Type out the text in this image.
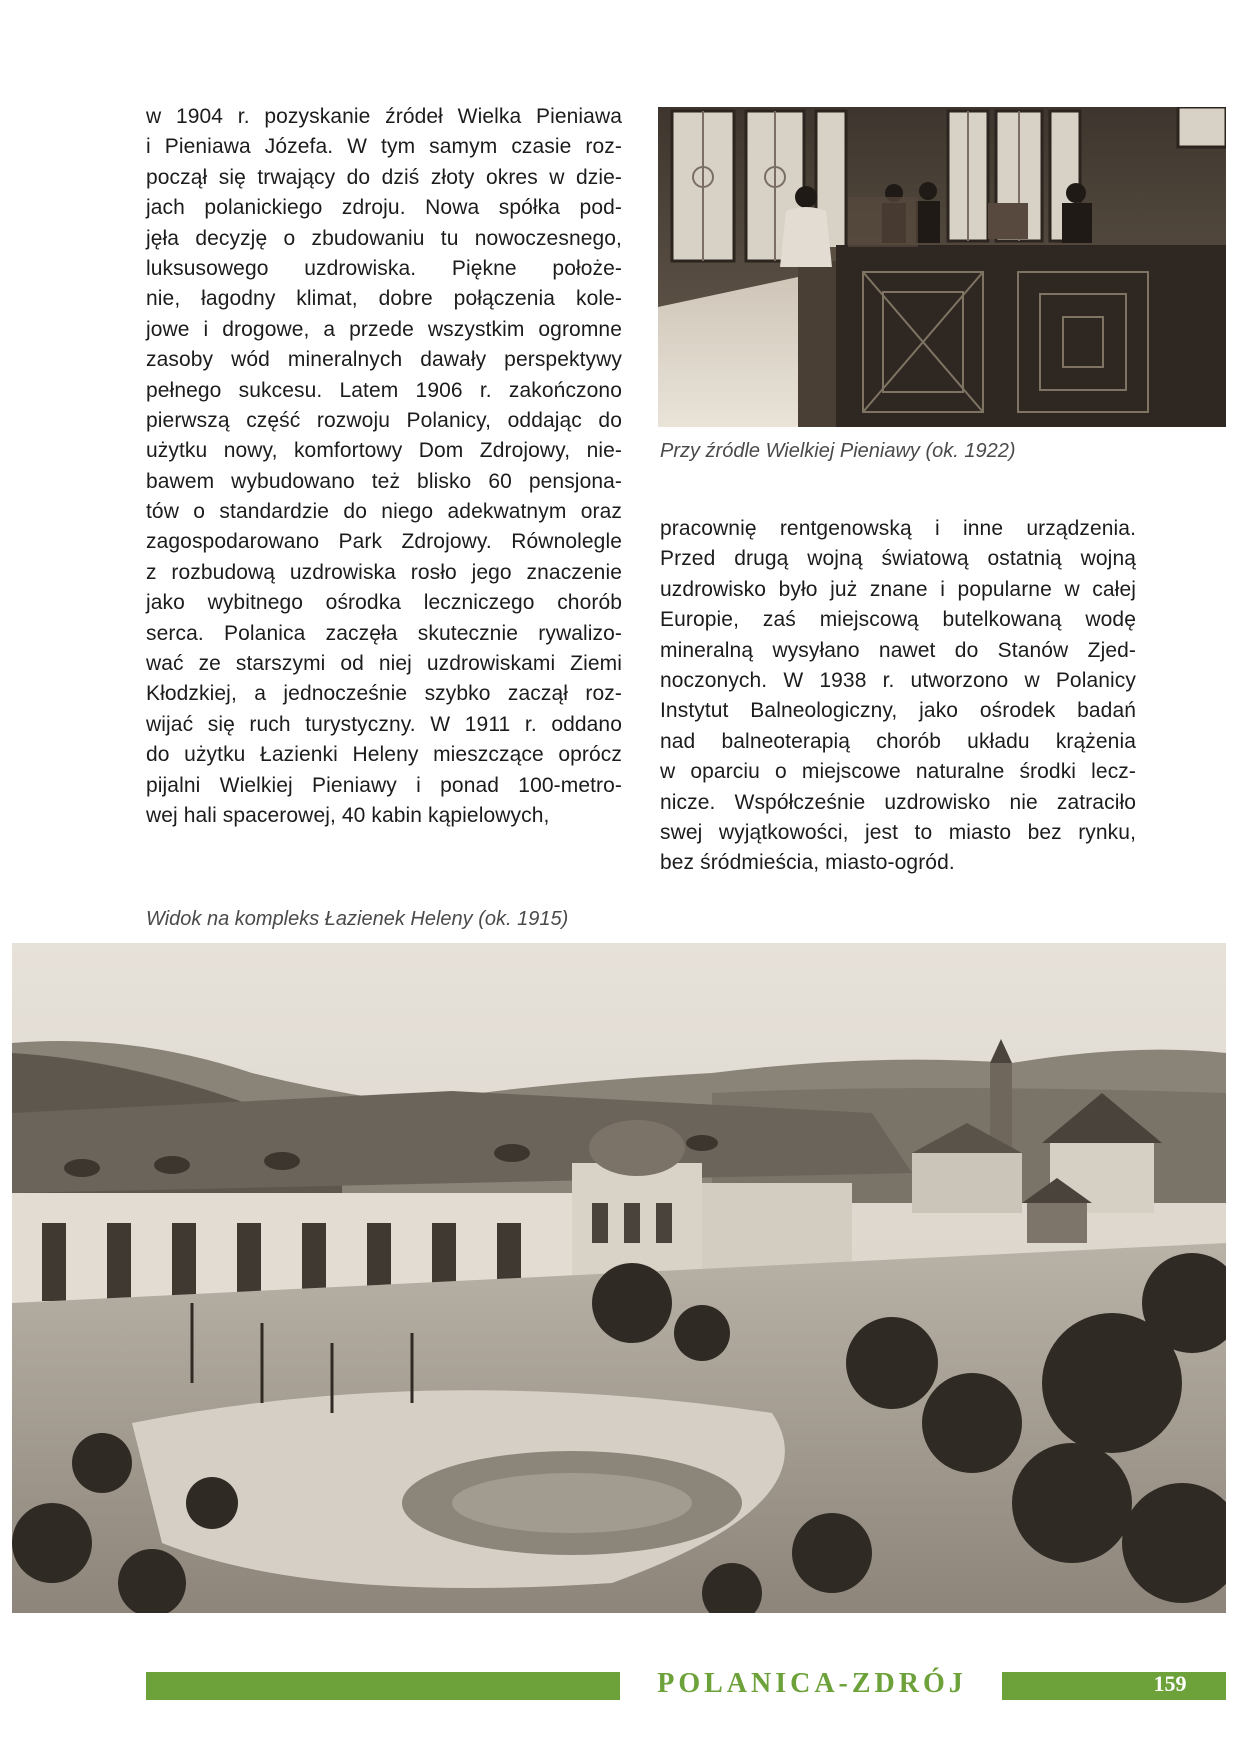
w 1904 r. pozyskanie źródeł Wielka Pieniawa
i Pieniawa Józefa. W tym samym czasie roz-
począł się trwający do dziś złoty okres w dzie-
jach polanickiego zdroju. Nowa spółka pod-
jęła decyzję o zbudowaniu tu nowoczesnego,
luksusowego uzdrowiska. Piękne położe-
nie, łagodny klimat, dobre połączenia kole-
jowe i drogowe, a przede wszystkim ogromne
zasoby wód mineralnych dawały perspektywy
pełnego sukcesu. Latem 1906 r. zakończono
pierwszą część rozwoju Polanicy, oddając do
użytku nowy, komfortowy Dom Zdrojowy, nie-
bawem wybudowano też blisko 60 pensjona-
tów o standardzie do niego adekwatnym oraz
zagospodarowano Park Zdrojowy. Równolegle
z rozbudową uzdrowiska rosło jego znaczenie
jako wybitnego ośrodka leczniczego chorób
serca. Polanica zaczęła skutecznie rywalizo-
wać ze starszymi od niej uzdrowiskami Ziemi
Kłodzkiej, a jednocześnie szybko zaczął roz-
wijać się ruch turystyczny. W 1911 r. oddano
do użytku Łazienki Heleny mieszczące oprócz
pijalni Wielkiej Pieniawy i ponad 100-metro-
wej hali spacerowej, 40 kabin kąpielowych,
Przy źródle Wielkiej Pieniawy (ok. 1922)
pracownię rentgenowską i inne urządzenia.
Przed drugą wojną światową ostatnią wojną
uzdrowisko było już znane i popularne w całej
Europie, zaś miejscową butelkowaną wodę
mineralną wysyłano nawet do Stanów Zjed-
noczonych. W 1938 r. utworzono w Polanicy
Instytut Balneologiczny, jako ośrodek badań
nad balneoterapią chorób układu krążenia
w oparciu o miejscowe naturalne środki lecz-
nicze. Współcześnie uzdrowisko nie zatraciło
swej wyjątkowości, jest to miasto bez rynku,
bez śródmieścia, miasto-ogród.
Widok na kompleks Łazienek Heleny (ok. 1915)
POLANICA-ZDRÓJ	159
